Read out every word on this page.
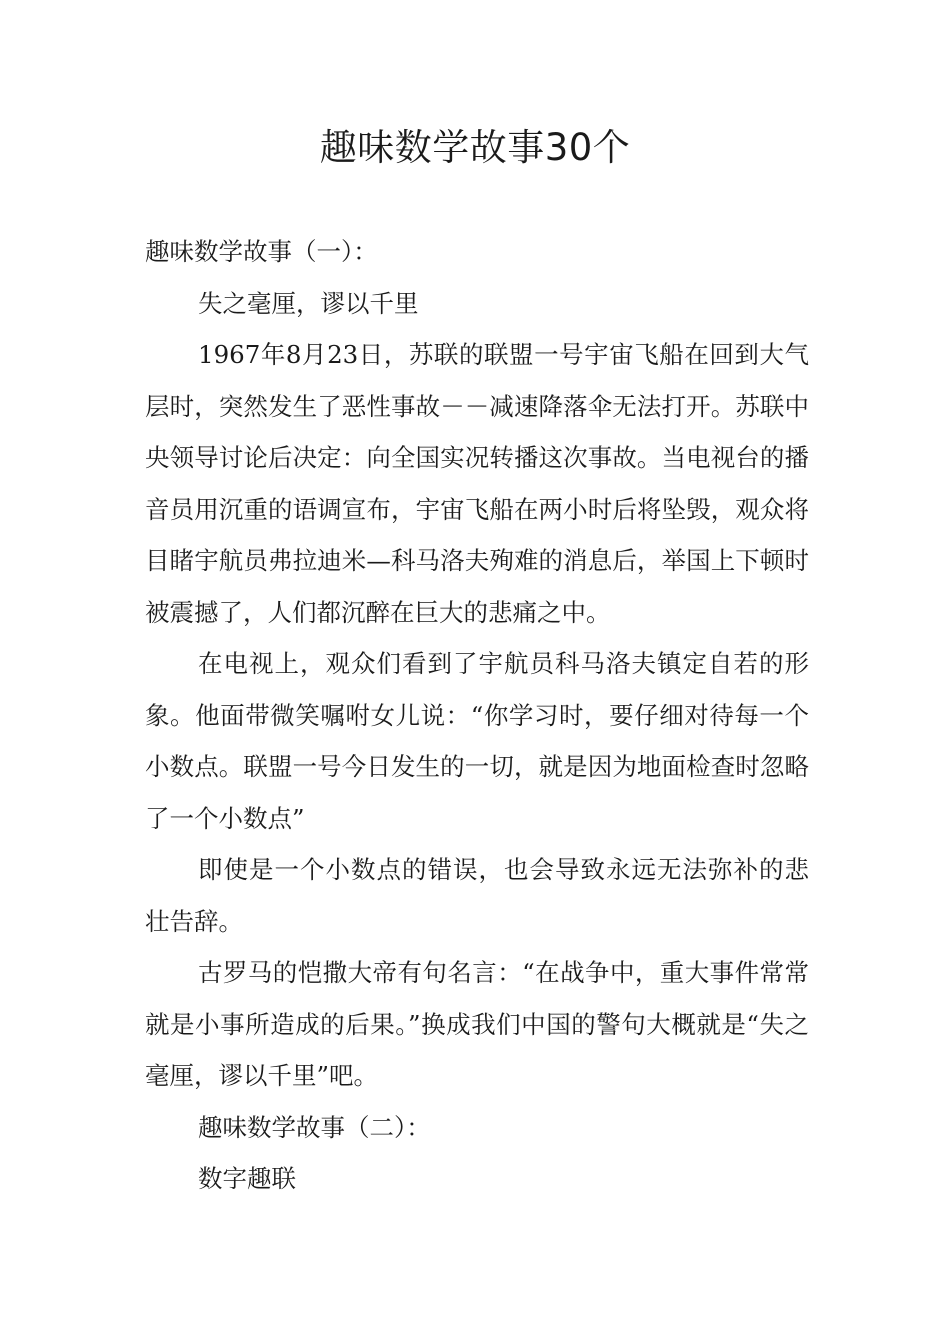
趣味数学故事30个

趣味数学故事（一）：

失之毫厘，谬以千里

1967年8月23日，苏联的联盟一号宇宙飞船在回到大气层时，突然发生了恶性事故－－减速降落伞无法打开。苏联中央领导讨论后决定：向全国实况转播这次事故。当电视台的播音员用沉重的语调宣布，宇宙飞船在两小时后将坠毁，观众将目睹宇航员弗拉迪米—科马洛夫殉难的消息后，举国上下顿时被震撼了，人们都沉醉在巨大的悲痛之中。

在电视上，观众们看到了宇航员科马洛夫镇定自若的形象。他面带微笑嘱咐女儿说：“你学习时，要仔细对待每一个小数点。联盟一号今日发生的一切，就是因为地面检查时忽略了一个小数点”

即使是一个小数点的错误，也会导致永远无法弥补的悲壮告辞。

古罗马的恺撒大帝有句名言：“在战争中，重大事件常常就是小事所造成的后果。”换成我们中国的警句大概就是“失之毫厘，谬以千里”吧。

趣味数学故事（二）：

数字趣联
